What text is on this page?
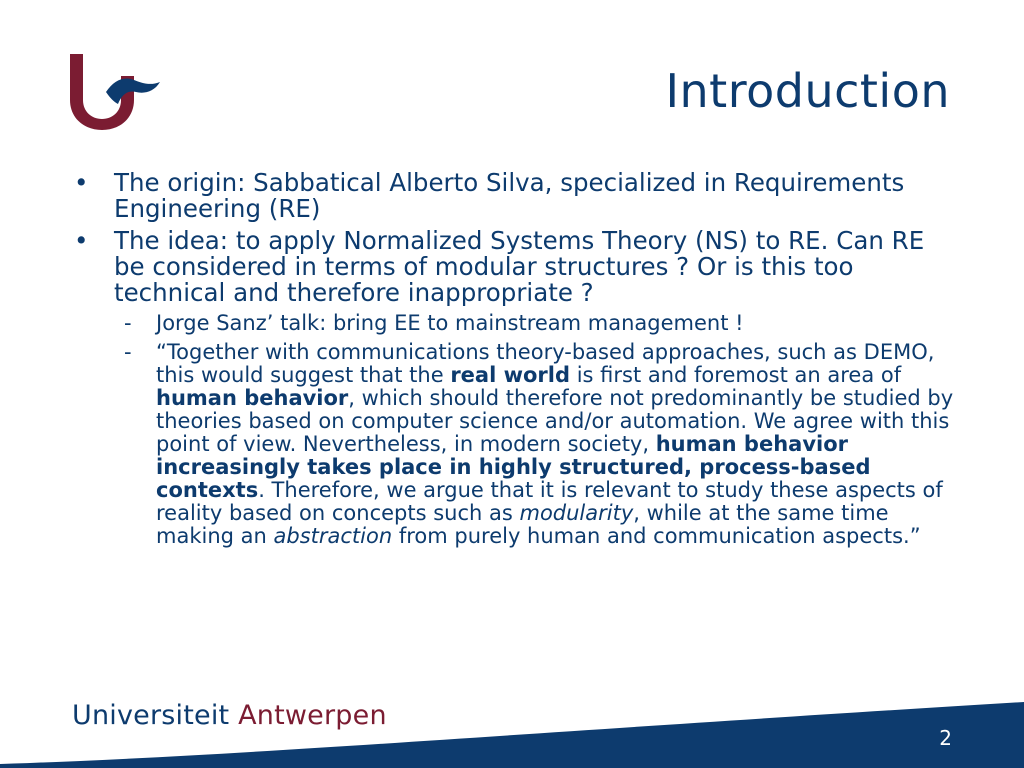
Introduction
•	The origin: Sabbatical Alberto Silva, specialized in Requirements Engineering (RE)
•	The idea: to apply Normalized Systems Theory (NS) to RE. Can RE be considered in terms of modular structures ? Or is this too technical and therefore inappropriate ?
-	Jorge Sanz’ talk: bring EE to mainstream management !
-	“Together with communications theory-based approaches, such as DEMO, this would suggest that the real world is first and foremost an area of human behavior, which should therefore not predominantly be studied by theories based on computer science and/or automation. We agree with this point of view. Nevertheless, in modern society, human behavior increasingly takes place in highly structured, process-based contexts. Therefore, we argue that it is relevant to study these aspects of reality based on concepts such as modularity, while at the same time making an abstraction from purely human and communication aspects.”
Universiteit Antwerpen
2
